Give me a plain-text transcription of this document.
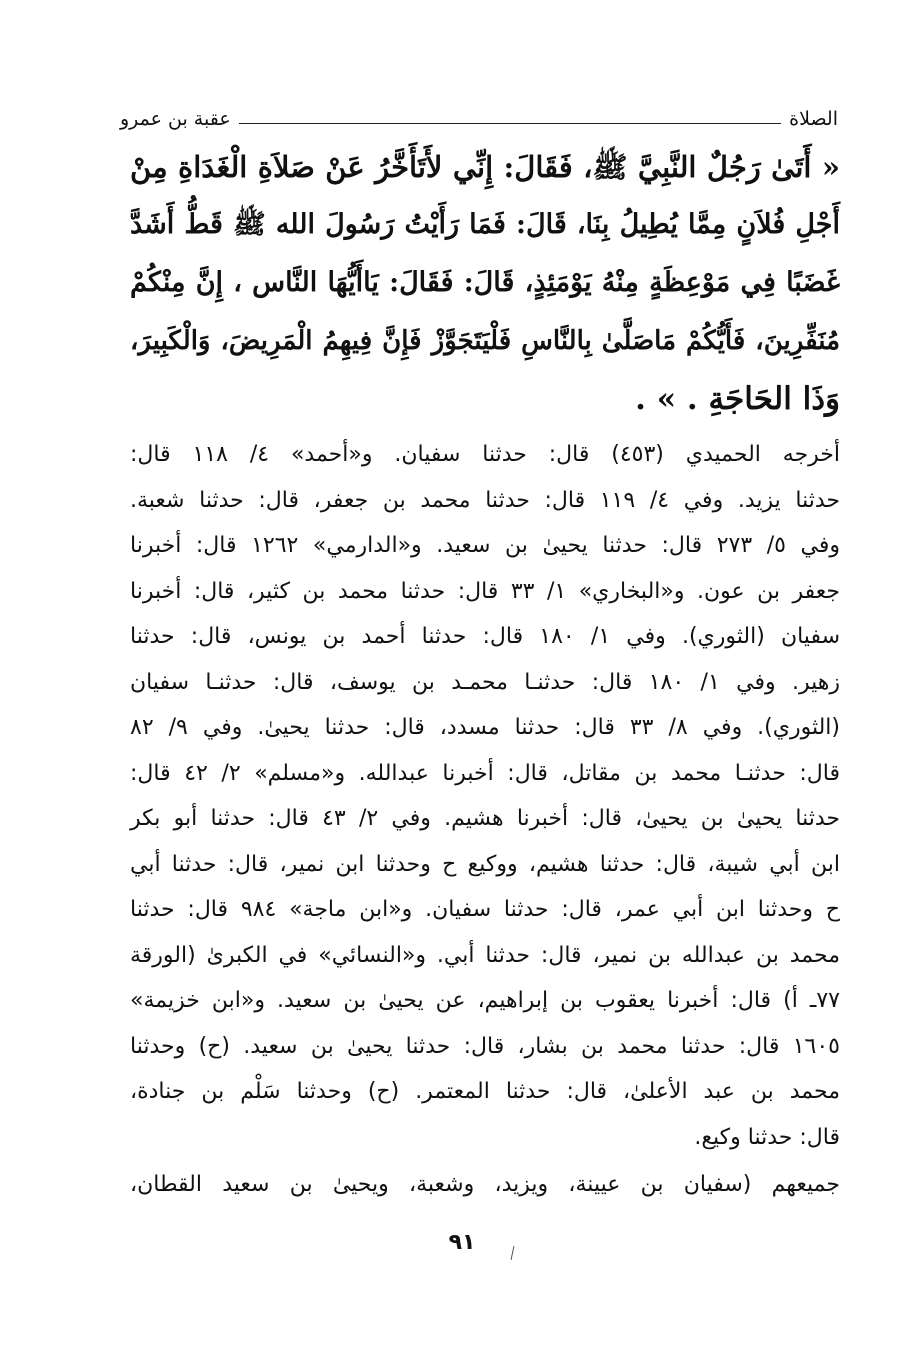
الصلاة
عقبة بن عمرو
« أَتَىٰ رَجُلٌ النَّبِيَّ ﷺ، فَقَالَ: إِنِّي لأَتَأَخَّرُ عَنْ صَلاَةِ الْغَدَاةِ مِنْ
أَجْلِ فُلاَنٍ مِمَّا يُطِيلُ بِنَا، قَالَ: فَمَا رَأَيْتُ رَسُولَ الله ﷺ قَطُّ أَشَدَّ
غَضَبًا فِي مَوْعِظَةٍ مِنْهُ يَوْمَئِذٍ، قَالَ: فَقَالَ: يَاأَيُّهَا النَّاس ، إِنَّ مِنْكُمْ
مُنَفِّرِينَ، فَأَيُّكُمْ مَاصَلَّىٰ بِالنَّاسِ فَلْيَتَجَوَّزْ فَإِنَّ فِيهِمُ الْمَرِيضَ، وَالْكَبِيرَ،
وَذَا الحَاجَةِ . » .
أخرجه الحميدي (٤٥٣) قال: حدثنا سفيان. و«أحمد» ٤/ ١١٨ قال:
حدثنا يزيد. وفي ٤/ ١١٩ قال: حدثنا محمد بن جعفر، قال: حدثنا شعبة.
وفي ٥/ ٢٧٣ قال: حدثنا يحيىٰ بن سعيد. و«الدارمي» ١٢٦٢ قال: أخبرنا
جعفر بن عون. و«البخاري» ١/ ٣٣ قال: حدثنا محمد بن كثير، قال: أخبرنا
سفيان (الثوري). وفي ١/ ١٨٠ قال: حدثنا أحمد بن يونس، قال: حدثنا
زهير. وفي ١/ ١٨٠ قال: حدثنـا محمـد بن يوسف، قال: حدثنـا سفيان
(الثوري). وفي ٨/ ٣٣ قال: حدثنا مسدد، قال: حدثنا يحيىٰ. وفي ٩/ ٨٢
قال: حدثنـا محمد بن مقاتل، قال: أخبرنا عبدالله. و«مسلم» ٢/ ٤٢ قال:
حدثنا يحيىٰ بن يحيىٰ، قال: أخبرنا هشيم. وفي ٢/ ٤٣ قال: حدثنا أبو بكر
ابن أبي شيبة، قال: حدثنا هشيم، ووكيع ح وحدثنا ابن نمير، قال: حدثنا أبي
ح وحدثنا ابن أبي عمر، قال: حدثنا سفيان. و«ابن ماجة» ٩٨٤ قال: حدثنا
محمد بن عبدالله بن نمير، قال: حدثنا أبي. و«النسائي» في الكبرىٰ (الورقة
٧٧ـ أ) قال: أخبرنا يعقوب بن إبراهيم، عن يحيىٰ بن سعيد. و«ابن خزيمة»
١٦٠٥ قال: حدثنا محمد بن بشار، قال: حدثنا يحيىٰ بن سعيد. (ح) وحدثنا
محمد بن عبد الأعلىٰ، قال: حدثنا المعتمر. (ح) وحدثنا سَلْم بن جنادة،
قال: حدثنا وكيع.
جميعهم (سفيان بن عيينة، ويزيد، وشعبة، ويحيىٰ بن سعيد القطان،
٩١
